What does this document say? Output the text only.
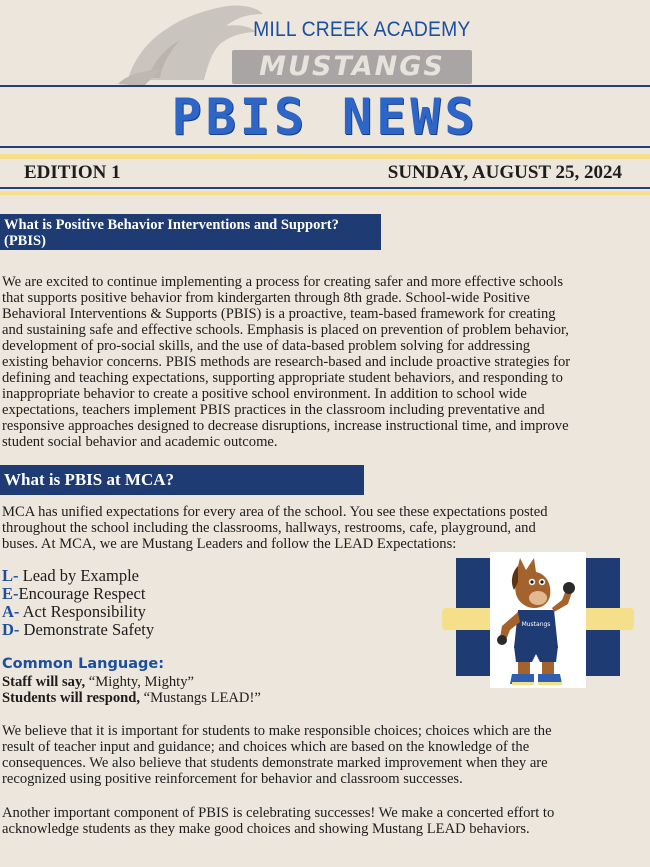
MILL CREEK ACADEMY
MUSTANGS
PBIS NEWS
EDITION 1	SUNDAY, AUGUST 25, 2024
What is Positive Behavior Interventions and Support?
(PBIS)
We are excited to continue implementing a process for creating safer and more effective schools
that supports positive behavior from kindergarten through 8th grade. School-wide Positive
Behavioral Interventions & Supports (PBIS) is a proactive, team-based framework for creating
and sustaining safe and effective schools. Emphasis is placed on prevention of problem behavior,
development of pro-social skills, and the use of data-based problem solving for addressing
existing behavior concerns. PBIS methods are research-based and include proactive strategies for
defining and teaching expectations, supporting appropriate student behaviors, and responding to
inappropriate behavior to create a positive school environment. In addition to school wide
expectations, teachers implement PBIS practices in the classroom including preventative and
responsive approaches designed to decrease disruptions, increase instructional time, and improve
student social behavior and academic outcome.
What is PBIS at MCA?
MCA has unified expectations for every area of the school. You see these expectations posted
throughout the school including the classrooms, hallways, restrooms, cafe, playground, and
buses. At MCA, we are Mustang Leaders and follow the LEAD Expectations:
L- Lead by Example
E-Encourage Respect
A- Act Responsibility
D- Demonstrate Safety
Common Language:
Staff will say, “Mighty, Mighty”
Students will respond, “Mustangs LEAD!”
Mustangs
We believe that it is important for students to make responsible choices; choices which are the
result of teacher input and guidance; and choices which are based on the knowledge of the
consequences. We also believe that students demonstrate marked improvement when they are
recognized using positive reinforcement for behavior and classroom successes.
Another important component of PBIS is celebrating successes! We make a concerted effort to
acknowledge students as they make good choices and showing Mustang LEAD behaviors.
